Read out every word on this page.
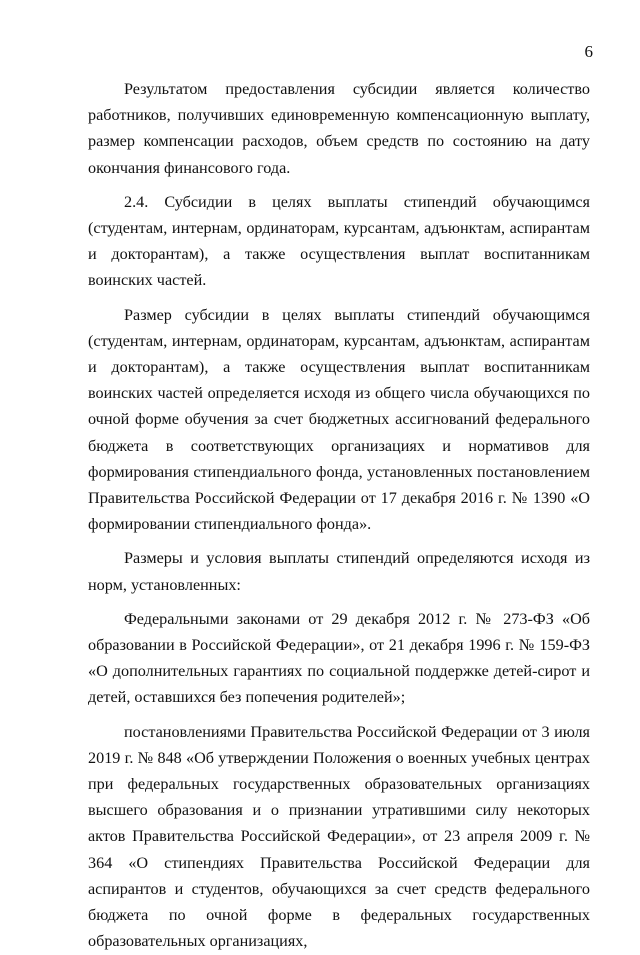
6

Результатом предоставления субсидии является количество работников, получивших единовременную компенсационную выплату, размер компенсации расходов, объем средств по состоянию на дату окончания финансового года.

2.4. Субсидии в целях выплаты стипендий обучающимся (студентам, интернам, ординаторам, курсантам, адъюнктам, аспирантам и докторантам), а также осуществления выплат воспитанникам воинских частей.

Размер субсидии в целях выплаты стипендий обучающимся (студентам, интернам, ординаторам, курсантам, адъюнктам, аспирантам и докторантам), а также осуществления выплат воспитанникам воинских частей определяется исходя из общего числа обучающихся по очной форме обучения за счет бюджетных ассигнований федерального бюджета в соответствующих организациях и нормативов для формирования стипендиального фонда, установленных постановлением Правительства Российской Федерации от 17 декабря 2016 г. № 1390 «О формировании стипендиального фонда».

Размеры и условия выплаты стипендий определяются исходя из норм, установленных:

Федеральными законами от 29 декабря 2012 г. № 273-ФЗ «Об образовании в Российской Федерации», от 21 декабря 1996 г. № 159-ФЗ «О дополнительных гарантиях по социальной поддержке детей-сирот и детей, оставшихся без попечения родителей»;

постановлениями Правительства Российской Федерации от 3 июля 2019 г. № 848 «Об утверждении Положения о военных учебных центрах при федеральных государственных образовательных организациях высшего образования и о признании утратившими силу некоторых актов Правительства Российской Федерации», от 23 апреля 2009 г. № 364 «О стипендиях Правительства Российской Федерации для аспирантов и студентов, обучающихся за счет средств федерального бюджета по очной форме в федеральных государственных образовательных организациях,
